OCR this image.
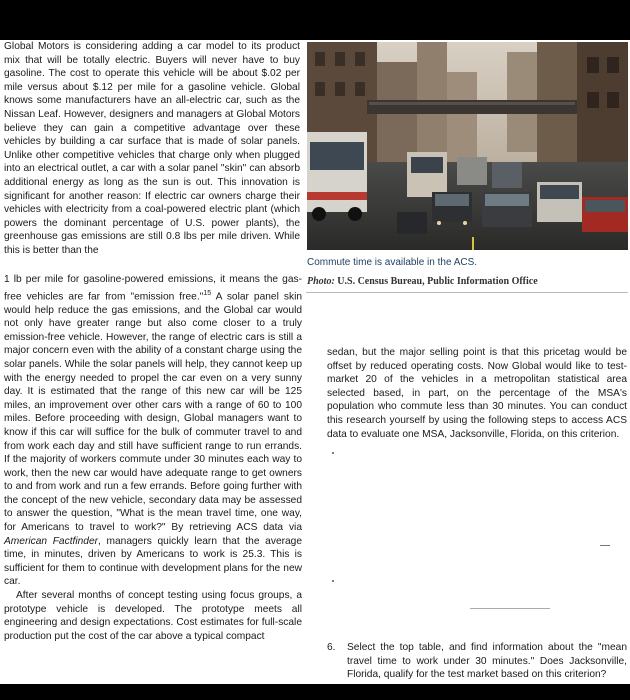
Global Motors is considering adding a car model to its product mix that will be totally electric. Buyers will never have to buy gasoline. The cost to operate this vehicle will be about $.02 per mile versus about $.12 per mile for a gasoline vehicle. Global knows some manufacturers have an all-electric car, such as the Nissan Leaf. However, designers and managers at Global Motors believe they can gain a competitive advantage over these vehicles by building a car surface that is made of solar panels. Unlike other competitive vehicles that charge only when plugged into an electrical outlet, a car with a solar panel "skin" can absorb additional energy as long as the sun is out. This innovation is significant for another reason: If electric car owners charge their vehicles with electricity from a coal-powered electric plant (which powers the dominant percentage of U.S. power plants), the greenhouse gas emissions are still 0.8 lbs per mile driven. While this is better than the

Commute time is available in the ACS.
Photo: U.S. Census Bureau, Public Information Office

1 lb per mile for gasoline-powered emissions, it means the gas-free vehicles are far from "emission free."$^{15}$ A solar panel skin would help reduce the gas emissions, and the Global car would not only have greater range but also come closer to a truly emission-free vehicle. However, the range of electric cars is still a major concern even with the ability of a constant charge using the solar panels. While the solar panels will help, they cannot keep up with the energy needed to propel the car even on a very sunny day. It is estimated that the range of this new car will be 125 miles, an improvement over other cars with a range of 60 to 100 miles. Before proceeding with design, Global managers want to know if this car will suffice for the bulk of commuter travel to and from work each day and still have sufficient range to run errands. If the majority of workers commute under 30 minutes each way to work, then the new car would have adequate range to get owners to and from work and run a few errands. Before going further with the concept of the new vehicle, secondary data may be assessed to answer the question, "What is the mean travel time, one way, for Americans to travel to work?" By retrieving ACS data via American Factfinder, managers quickly learn that the average time, in minutes, driven by Americans to work is 25.3. This is sufficient for them to continue with development plans for the new car.

After several months of concept testing using focus groups, a prototype vehicle is developed. The prototype meets all engineering and design expectations. Cost estimates for full-scale production put the cost of the car above a typical compact

sedan, but the major selling point is that this pricetag would be offset by reduced operating costs. Now Global would like to test-market 20 of the vehicles in a metropolitan statistical area selected based, in part, on the percentage of the MSA's population who commute less than 30 minutes. You can conduct this research yourself by using the following steps to access ACS data to evaluate one MSA, Jacksonville, Florida, on this criterion.

6. Select the top table, and find information about the "mean travel time to work under 30 minutes." Does Jacksonville, Florida, qualify for the test market based on this criterion?
